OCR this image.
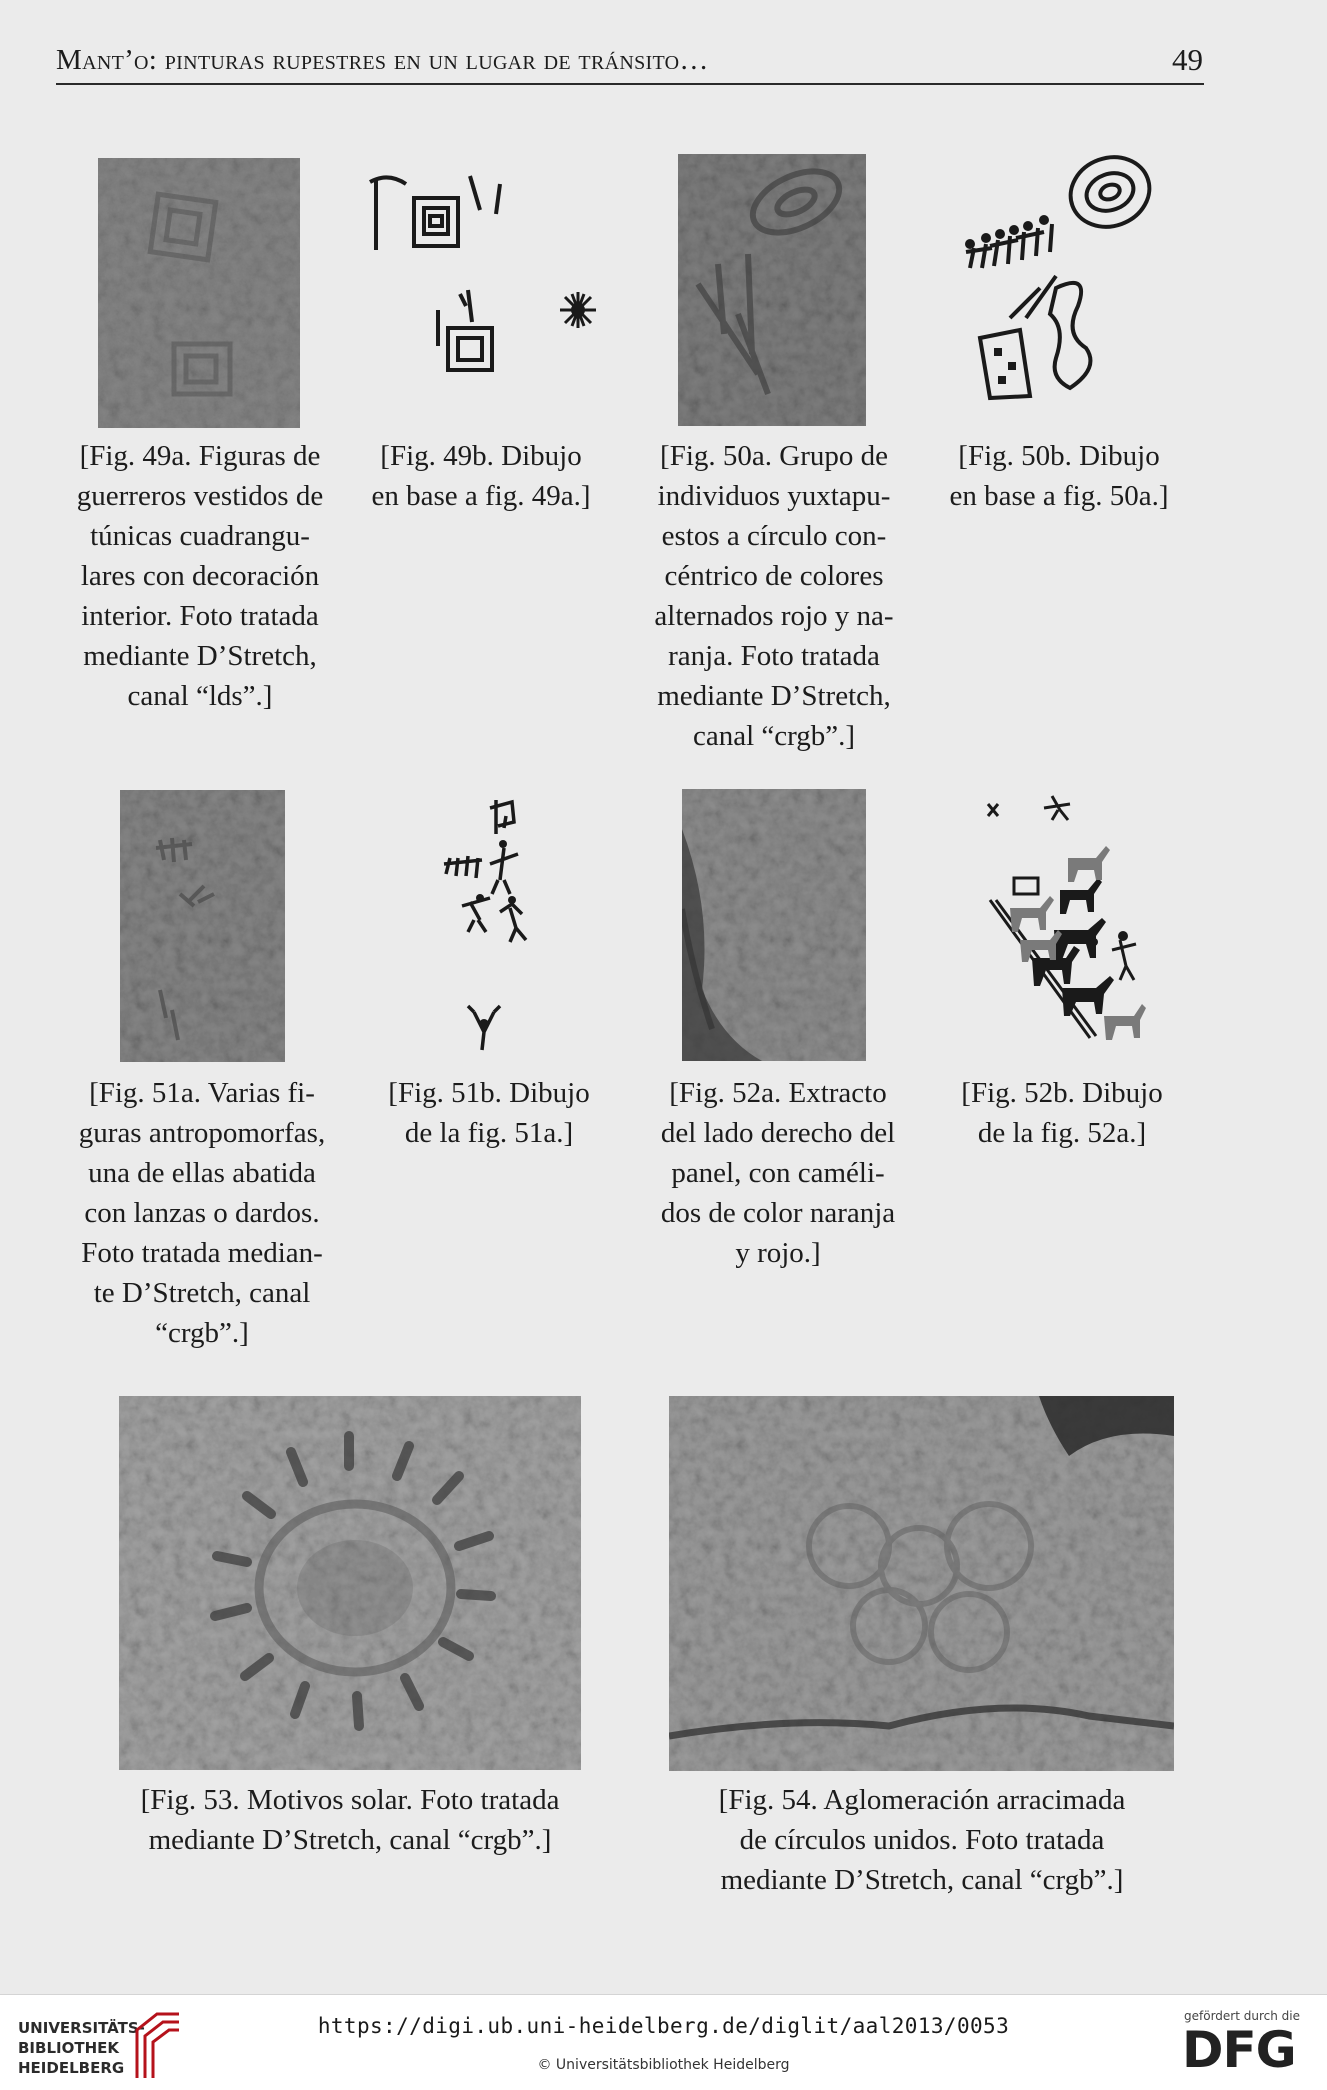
Mant’o: pinturas rupestres en un lugar de tránsito…	49
[Fig. 49a. Figuras de
guerreros vestidos de
túnicas cuadrangu-
lares con decoración
interior. Foto tratada
mediante D’Stretch,
canal “lds”.]
[Fig. 49b. Dibujo
en base a fig. 49a.]
[Fig. 50a. Grupo de
individuos yuxtapu-
estos a círculo con-
céntrico de colores
alternados rojo y na-
ranja. Foto tratada
mediante D’Stretch,
canal “crgb”.]
[Fig. 50b. Dibujo
en base a fig. 50a.]
[Fig. 51a. Varias fi-
guras antropomorfas,
una de ellas abatida
con lanzas o dardos.
Foto tratada median-
te D’Stretch, canal
“crgb”.]
[Fig. 51b. Dibujo
de la fig. 51a.]
[Fig. 52a. Extracto
del lado derecho del
panel, con caméli-
dos de color naranja
y rojo.]
[Fig. 52b. Dibujo
de la fig. 52a.]
[Fig. 53. Motivos solar. Foto tratada
mediante D’Stretch, canal “crgb”.]
[Fig. 54. Aglomeración arracimada
de círculos unidos. Foto tratada
mediante D’Stretch, canal “crgb”.]
UNIVERSITÄTS-
BIBLIOTHEK
HEIDELBERG
https://digi.ub.uni-heidelberg.de/diglit/aal2013/0053
© Universitätsbibliothek Heidelberg
gefördert durch die
DFG
